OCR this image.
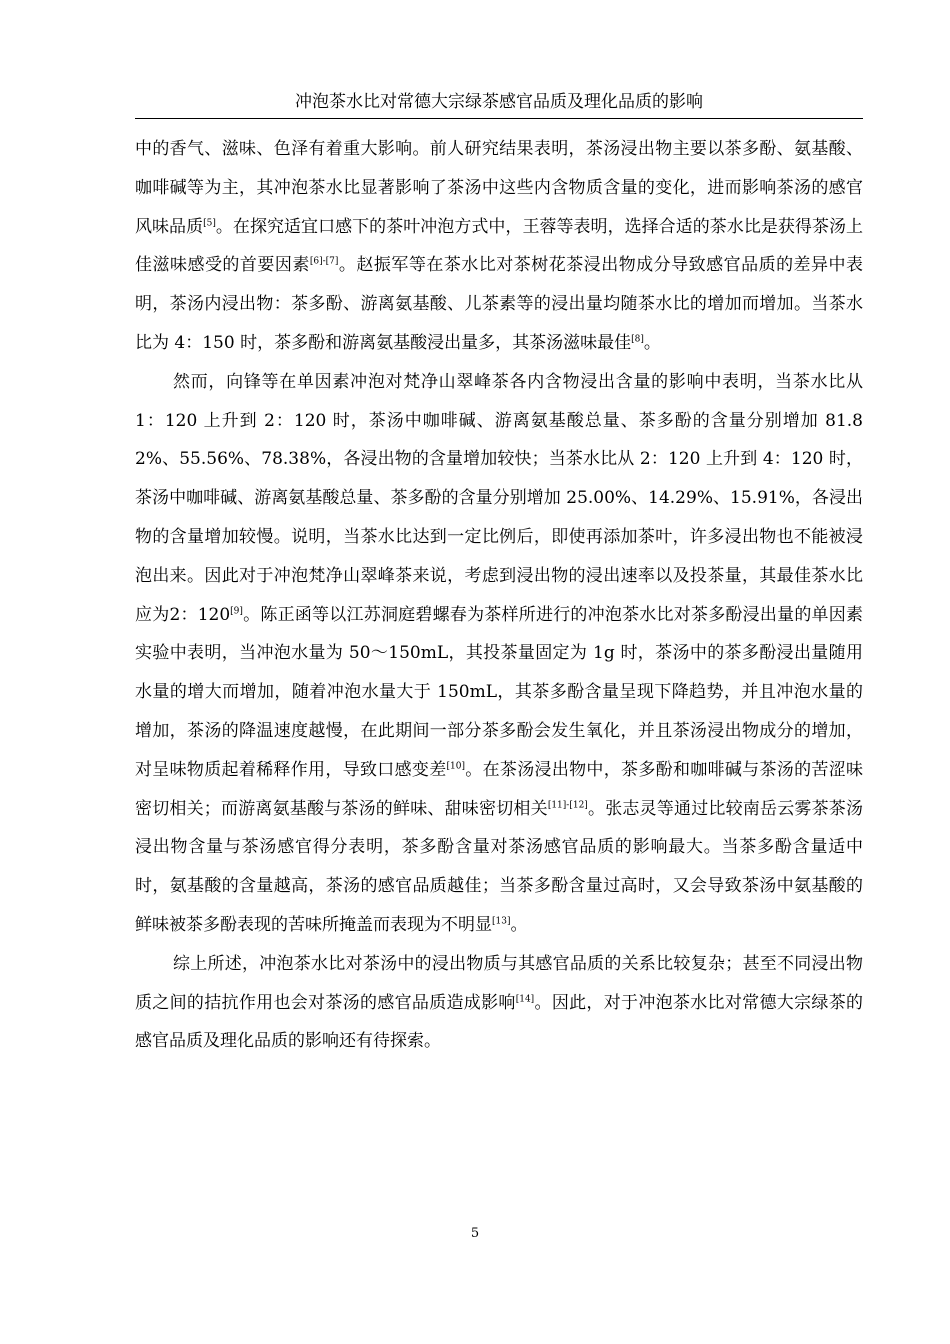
冲泡茶水比对常德大宗绿茶感官品质及理化品质的影响

中的香气、滋味、色泽有着重大影响。前人研究结果表明，茶汤浸出物主要以茶多酚、氨基酸、咖啡碱等为主，其冲泡茶水比显著影响了茶汤中这些内含物质含量的变化，进而影响茶汤的感官风味品质[5]。在探究适宜口感下的茶叶冲泡方式中，王蓉等表明，选择合适的茶水比是获得茶汤上佳滋味感受的首要因素[6]-[7]。赵振军等在茶水比对茶树花茶浸出物成分导致感官品质的差异中表明，茶汤内浸出物：茶多酚、游离氨基酸、儿茶素等的浸出量均随茶水比的增加而增加。当茶水比为 4：150 时，茶多酚和游离氨基酸浸出量多，其茶汤滋味最佳[8]。

然而，向锋等在单因素冲泡对梵净山翠峰茶各内含物浸出含量的影响中表明，当茶水比从 1：120 上升到 2：120 时，茶汤中咖啡碱、游离氨基酸总量、茶多酚的含量分别增加 81.82%、55.56%、78.38%，各浸出物的含量增加较快；当茶水比从 2：120 上升到 4：120 时，茶汤中咖啡碱、游离氨基酸总量、茶多酚的含量分别增加 25.00%、14.29%、15.91%，各浸出物的含量增加较慢。说明，当茶水比达到一定比例后，即使再添加茶叶，许多浸出物也不能被浸泡出来。因此对于冲泡梵净山翠峰茶来说，考虑到浸出物的浸出速率以及投茶量，其最佳茶水比应为2：120[9]。陈正函等以江苏洞庭碧螺春为茶样所进行的冲泡茶水比对茶多酚浸出量的单因素实验中表明，当冲泡水量为 50～150mL，其投茶量固定为 1g 时，茶汤中的茶多酚浸出量随用水量的增大而增加，随着冲泡水量大于 150mL，其茶多酚含量呈现下降趋势，并且冲泡水量的增加，茶汤的降温速度越慢，在此期间一部分茶多酚会发生氧化，并且茶汤浸出物成分的增加，对呈味物质起着稀释作用，导致口感变差[10]。在茶汤浸出物中，茶多酚和咖啡碱与茶汤的苦涩味密切相关；而游离氨基酸与茶汤的鲜味、甜味密切相关[11]-[12]。张志灵等通过比较南岳云雾茶茶汤浸出物含量与茶汤感官得分表明，茶多酚含量对茶汤感官品质的影响最大。当茶多酚含量适中时，氨基酸的含量越高，茶汤的感官品质越佳；当茶多酚含量过高时，又会导致茶汤中氨基酸的鲜味被茶多酚表现的苦味所掩盖而表现为不明显[13]。

综上所述，冲泡茶水比对茶汤中的浸出物质与其感官品质的关系比较复杂；甚至不同浸出物质之间的拮抗作用也会对茶汤的感官品质造成影响[14]。因此，对于冲泡茶水比对常德大宗绿茶的感官品质及理化品质的影响还有待探索。

5
